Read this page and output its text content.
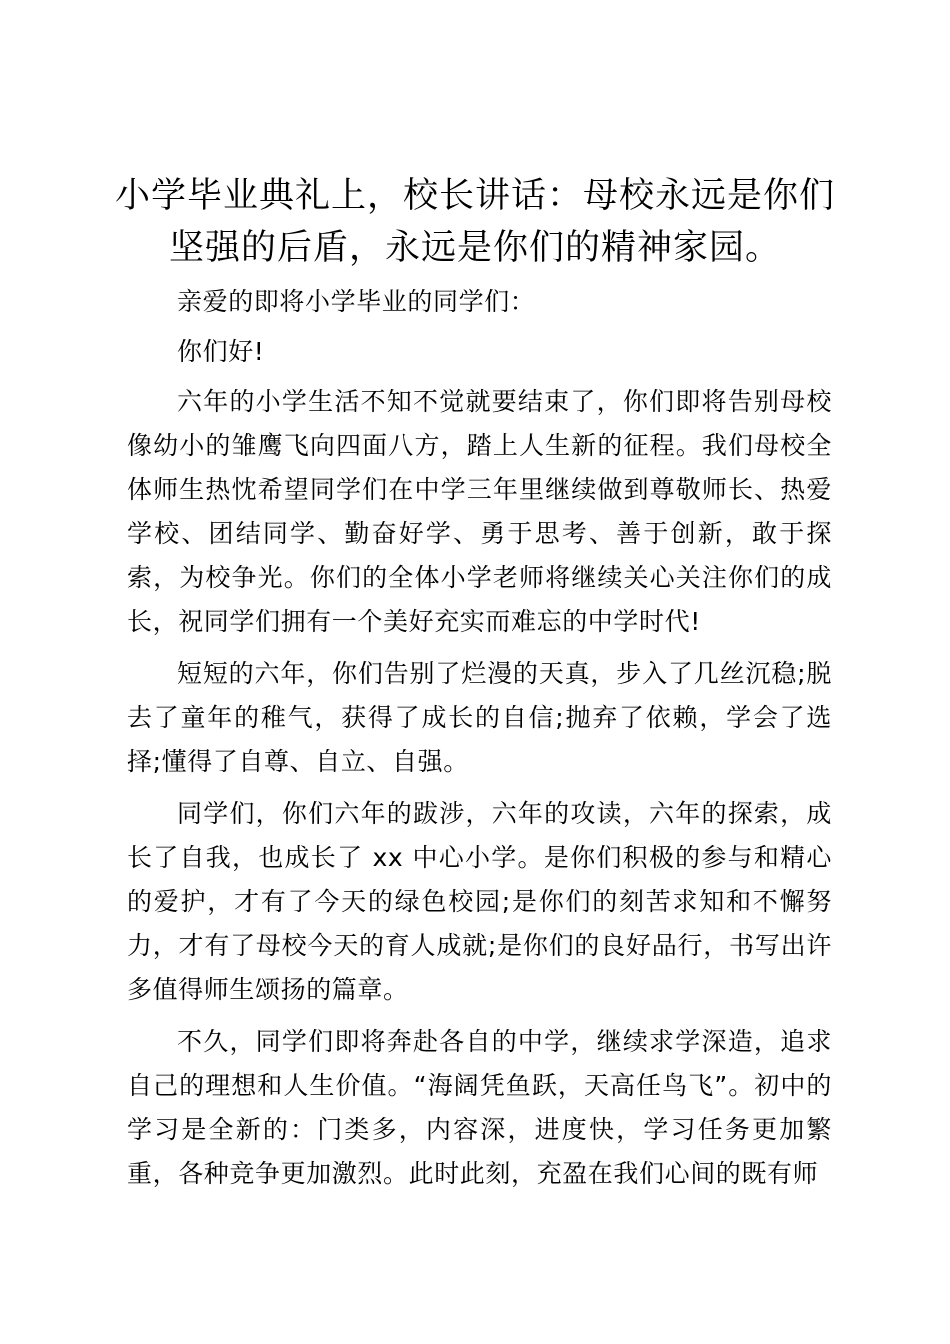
小学毕业典礼上，校长讲话：母校永远是你们
坚强的后盾，永远是你们的精神家园。

亲爱的即将小学毕业的同学们：

你们好!

六年的小学生活不知不觉就要结束了，你们即将告别母校像幼小的雏鹰飞向四面八方，踏上人生新的征程。我们母校全体师生热忱希望同学们在中学三年里继续做到尊敬师长、热爱学校、团结同学、勤奋好学、勇于思考、善于创新，敢于探索，为校争光。你们的全体小学老师将继续关心关注你们的成长，祝同学们拥有一个美好充实而难忘的中学时代!

短短的六年，你们告别了烂漫的天真，步入了几丝沉稳;脱去了童年的稚气，获得了成长的自信;抛弃了依赖，学会了选择;懂得了自尊、自立、自强。

同学们，你们六年的跋涉，六年的攻读，六年的探索，成长了自我，也成长了 xx 中心小学。是你们积极的参与和精心的爱护，才有了今天的绿色校园;是你们的刻苦求知和不懈努力，才有了母校今天的育人成就;是你们的良好品行，书写出许多值得师生颂扬的篇章。

不久，同学们即将奔赴各自的中学，继续求学深造，追求自己的理想和人生价值。“海阔凭鱼跃，天高任鸟飞”。初中的学习是全新的：门类多，内容深，进度快，学习任务更加繁重，各种竞争更加激烈。此时此刻，充盈在我们心间的既有师
